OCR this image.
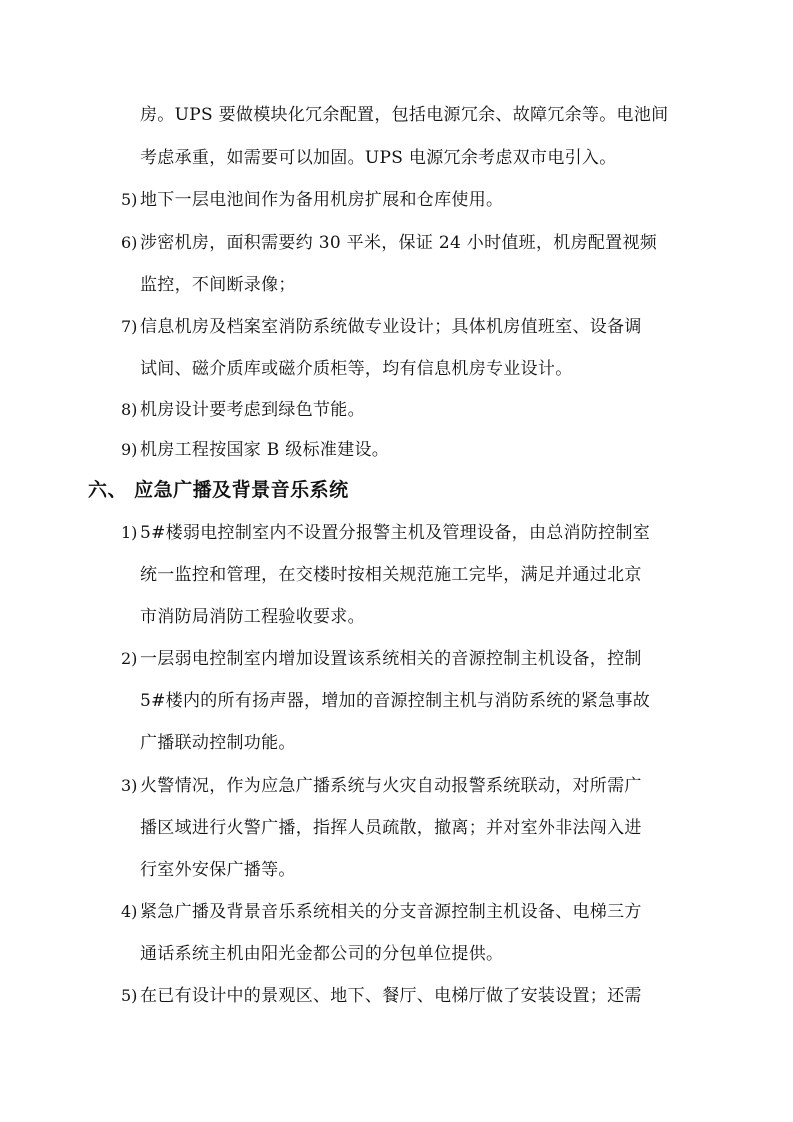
房。UPS 要做模块化冗余配置，包括电源冗余、故障冗余等。电池间
考虑承重，如需要可以加固。UPS 电源冗余考虑双市电引入。
5) 地下一层电池间作为备用机房扩展和仓库使用。
6) 涉密机房，面积需要约 30 平米，保证 24 小时值班，机房配置视频
监控，不间断录像；
7) 信息机房及档案室消防系统做专业设计；具体机房值班室、设备调
试间、磁介质库或磁介质柜等，均有信息机房专业设计。
8) 机房设计要考虑到绿色节能。
9) 机房工程按国家 B 级标准建设。
六、 应急广播及背景音乐系统
1) 5#楼弱电控制室内不设置分报警主机及管理设备，由总消防控制室
统一监控和管理，在交楼时按相关规范施工完毕，满足并通过北京
市消防局消防工程验收要求。
2) 一层弱电控制室内增加设置该系统相关的音源控制主机设备，控制
5#楼内的所有扬声器，增加的音源控制主机与消防系统的紧急事故
广播联动控制功能。
3) 火警情况，作为应急广播系统与火灾自动报警系统联动，对所需广
播区域进行火警广播，指挥人员疏散，撤离；并对室外非法闯入进
行室外安保广播等。
4) 紧急广播及背景音乐系统相关的分支音源控制主机设备、电梯三方
通话系统主机由阳光金都公司的分包单位提供。
5) 在已有设计中的景观区、地下、餐厅、电梯厅做了安装设置；还需
